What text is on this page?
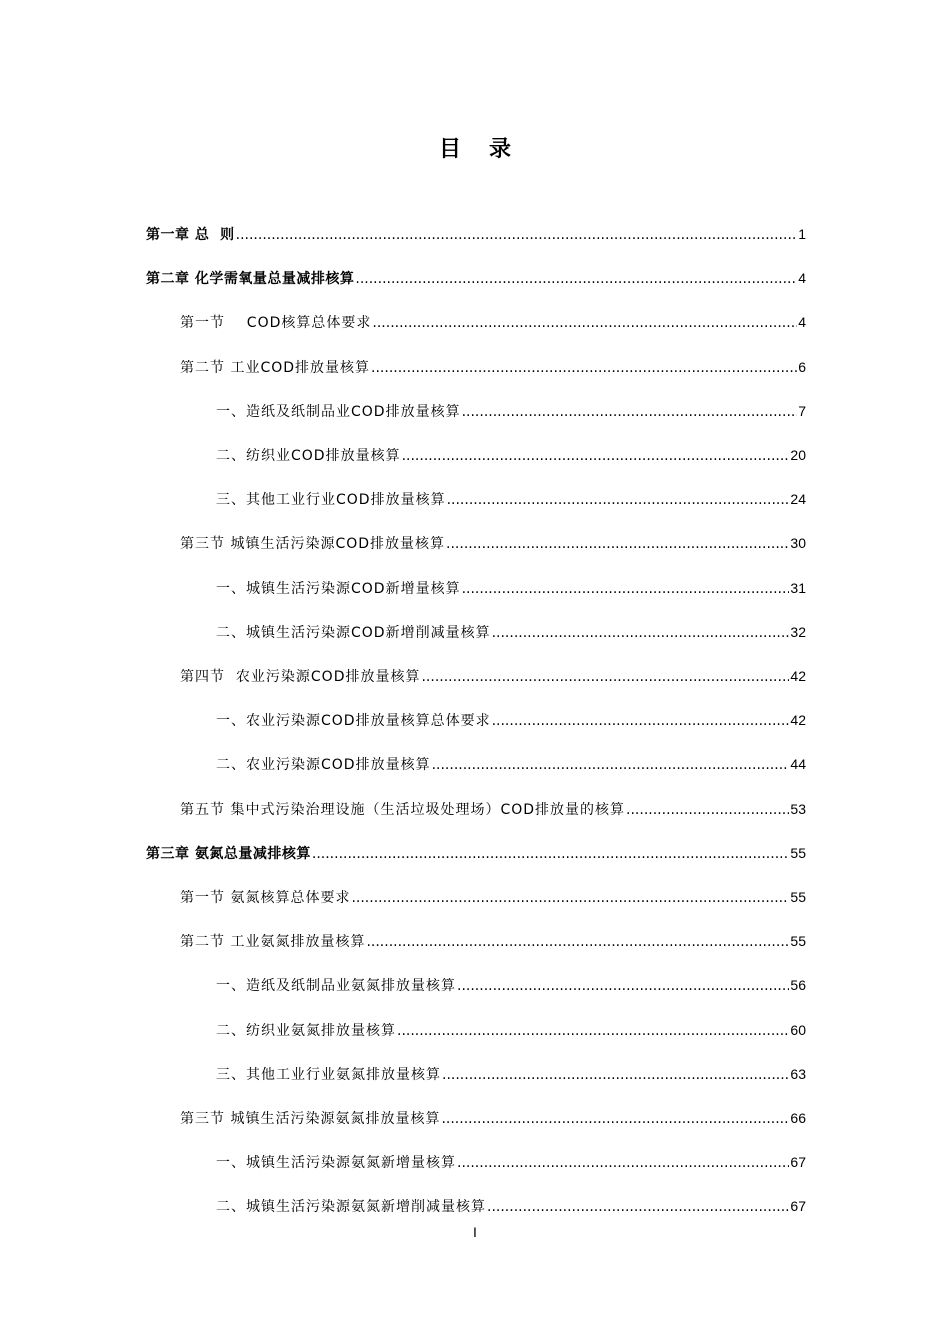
目 录
第一章 总  则 .....	1
第二章 化学需氧量总量减排核算 .....	4
第一节    COD核算总体要求 .....	4
第二节 工业COD排放量核算 .....	6
一、造纸及纸制品业COD排放量核算 .....	7
二、纺织业COD排放量核算 .....	20
三、其他工业行业COD排放量核算 .....	24
第三节 城镇生活污染源COD排放量核算 .....	30
一、城镇生活污染源COD新增量核算 .....	31
二、城镇生活污染源COD新增削减量核算 .....	32
第四节  农业污染源COD排放量核算 .....	42
一、农业污染源COD排放量核算总体要求 .....	42
二、农业污染源COD排放量核算 .....	44
第五节 集中式污染治理设施（生活垃圾处理场）COD排放量的核算 .....	53
第三章 氨氮总量减排核算 .....	55
第一节 氨氮核算总体要求 .....	55
第二节 工业氨氮排放量核算 .....	55
一、造纸及纸制品业氨氮排放量核算 .....	56
二、纺织业氨氮排放量核算 .....	60
三、其他工业行业氨氮排放量核算 .....	63
第三节 城镇生活污染源氨氮排放量核算 .....	66
一、城镇生活污染源氨氮新增量核算 .....	67
二、城镇生活污染源氨氮新增削减量核算 .....	67
I
